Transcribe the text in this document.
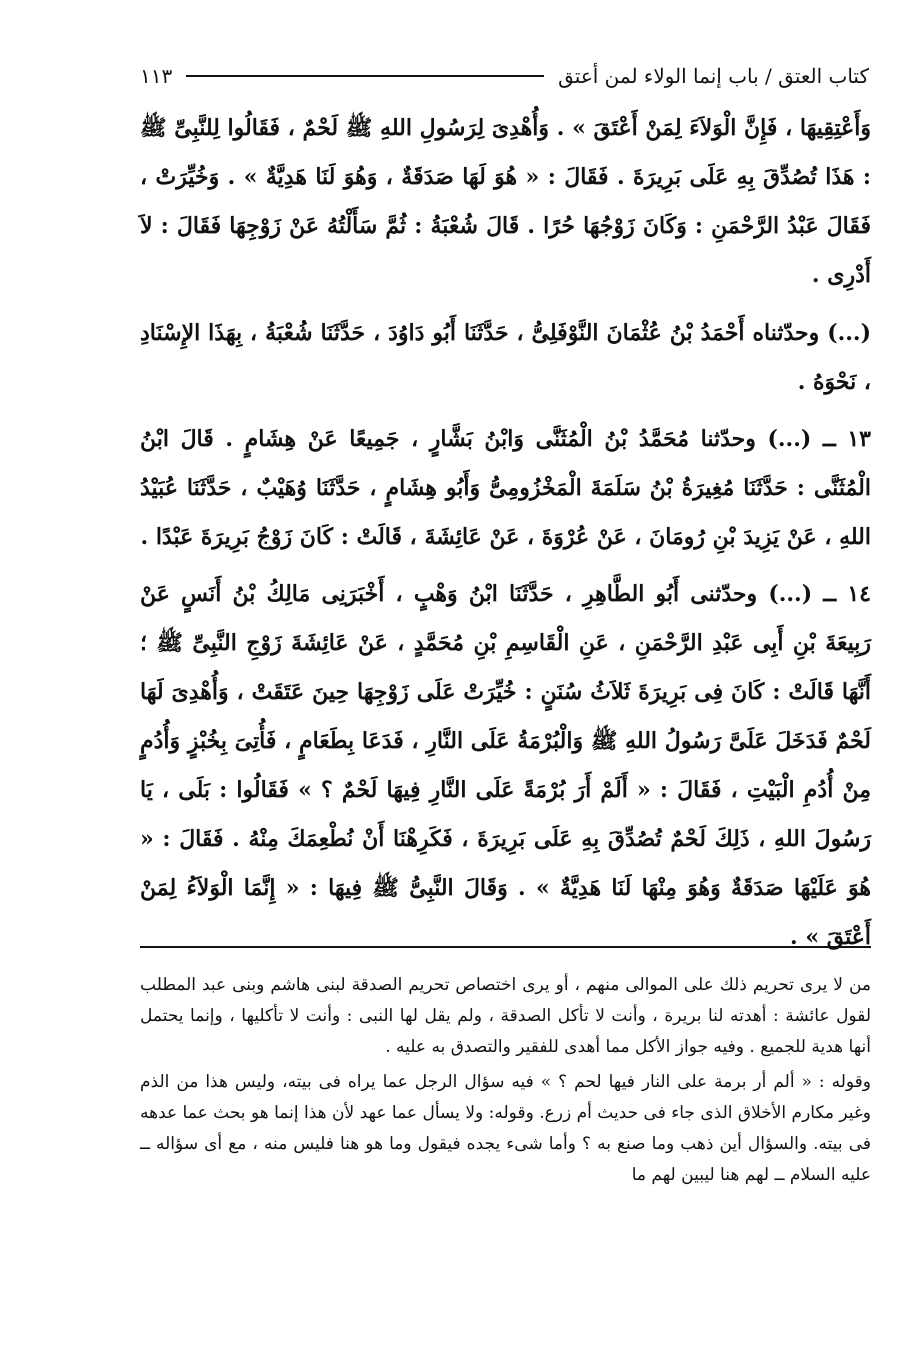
كتاب العتق / باب إنما الولاء لمن أعتق
١١٣

وَأَعْتِقِيهَا ، فَإِنَّ الْوَلاَءَ لِمَنْ أَعْتَقَ » . وَأُهْدِىَ لِرَسُولِ اللهِ ﷺ لَحْمٌ ، فَقَالُوا لِلنَّبِىِّ ﷺ : هَذَا تُصُدِّقَ بِهِ عَلَى بَرِيرَةَ . فَقَالَ : « هُوَ لَهَا صَدَقَةٌ ، وَهُوَ لَنَا هَدِيَّةٌ » . وَخُيِّرَتْ ، فَقَالَ عَبْدُ الرَّحْمَنِ : وَكَانَ زَوْجُهَا حُرًا . قَالَ شُعْبَةُ : ثُمَّ سَأَلْتُهُ عَنْ زَوْجِهَا فَقَالَ : لاَ أَدْرِى .

(...) وحدّثناه أَحْمَدُ بْنُ عُثْمَانَ النَّوْفَلِىُّ ، حَدَّثَنَا أَبُو دَاوُدَ ، حَدَّثَنَا شُعْبَةُ ، بِهَذَا الإِسْنَادِ ، نَحْوَهُ .

١٣ ــ (...) وحدّثنا مُحَمَّدُ بْنُ الْمُثَنَّى وَابْنُ بَشَّارٍ ، جَمِيعًا عَنْ هِشَامٍ . قَالَ ابْنُ الْمُثَنَّى : حَدَّثَنَا مُغِيرَةُ بْنُ سَلَمَةَ الْمَخْزُومِىُّ وَأَبُو هِشَامٍ ، حَدَّثَنَا وُهَيْبٌ ، حَدَّثَنَا عُبَيْدُ اللهِ ، عَنْ يَزِيدَ بْنِ رُومَانَ ، عَنْ عُرْوَةَ ، عَنْ عَائِشَةَ ، قَالَتْ : كَانَ زَوْجُ بَرِيرَةَ عَبْدًا .

١٤ ــ (...) وحدّثنى أَبُو الطَّاهِرِ ، حَدَّثَنَا ابْنُ وَهْبٍ ، أَخْبَرَنِى مَالِكُ بْنُ أَنَسٍ عَنْ رَبِيعَةَ بْنِ أَبِى عَبْدِ الرَّحْمَنِ ، عَنِ الْقَاسِمِ بْنِ مُحَمَّدٍ ، عَنْ عَائِشَةَ زَوْجِ النَّبِىِّ ﷺ ؛ أَنَّهَا قَالَتْ : كَانَ فِى بَرِيرَةَ ثَلاَثُ سُنَنٍ : خُيِّرَتْ عَلَى زَوْجِهَا حِينَ عَتَقَتْ ، وَأُهْدِىَ لَهَا لَحْمٌ فَدَخَلَ عَلَىَّ رَسُولُ اللهِ ﷺ وَالْبُرْمَةُ عَلَى النَّارِ ، فَدَعَا بِطَعَامٍ ، فَأُتِىَ بِخُبْزٍ وَأُدُمٍ مِنْ أُدُمِ الْبَيْتِ ، فَقَالَ : « أَلَمْ أَرَ بُرْمَةً عَلَى النَّارِ فِيهَا لَحْمٌ ؟ » فَقَالُوا : بَلَى ، يَا رَسُولَ اللهِ ، ذَلِكَ لَحْمٌ تُصُدِّقَ بِهِ عَلَى بَرِيرَةَ ، فَكَرِهْنَا أَنْ نُطْعِمَكَ مِنْهُ . فَقَالَ : « هُوَ عَلَيْهَا صَدَقَةٌ وَهُوَ مِنْهَا لَنَا هَدِيَّةٌ » . وَقَالَ النَّبِىُّ ﷺ فِيهَا : « إِنَّمَا الْوَلاَءُ لِمَنْ أَعْتَقَ » .

من لا يرى تحريم ذلك على الموالى منهم ، أو يرى اختصاص تحريم الصدقة لبنى هاشم وبنى عبد المطلب لقول عائشة : أهدته لنا بريرة ، وأنت لا تأكل الصدقة ، ولم يقل لها النبى : وأنت لا تأكليها ، وإنما يحتمل أنها هدية للجميع . وفيه جواز الأكل مما أهدى للفقير والتصدق به عليه .

وقوله : « ألم أر برمة على النار فيها لحم ؟ » فيه سؤال الرجل عما يراه فى بيته، وليس هذا من الذم وغير مكارم الأخلاق الذى جاء فى حديث أم زرع. وقوله: ولا يسأل عما عهد لأن هذا إنما هو بحث عما عدهه فى بيته. والسؤال أين ذهب وما صنع به ؟ وأما شىء يجده فيقول وما هو هنا فليس منه ، مع أى سؤاله ــ عليه السلام ــ لهم هنا ليبين لهم ما
